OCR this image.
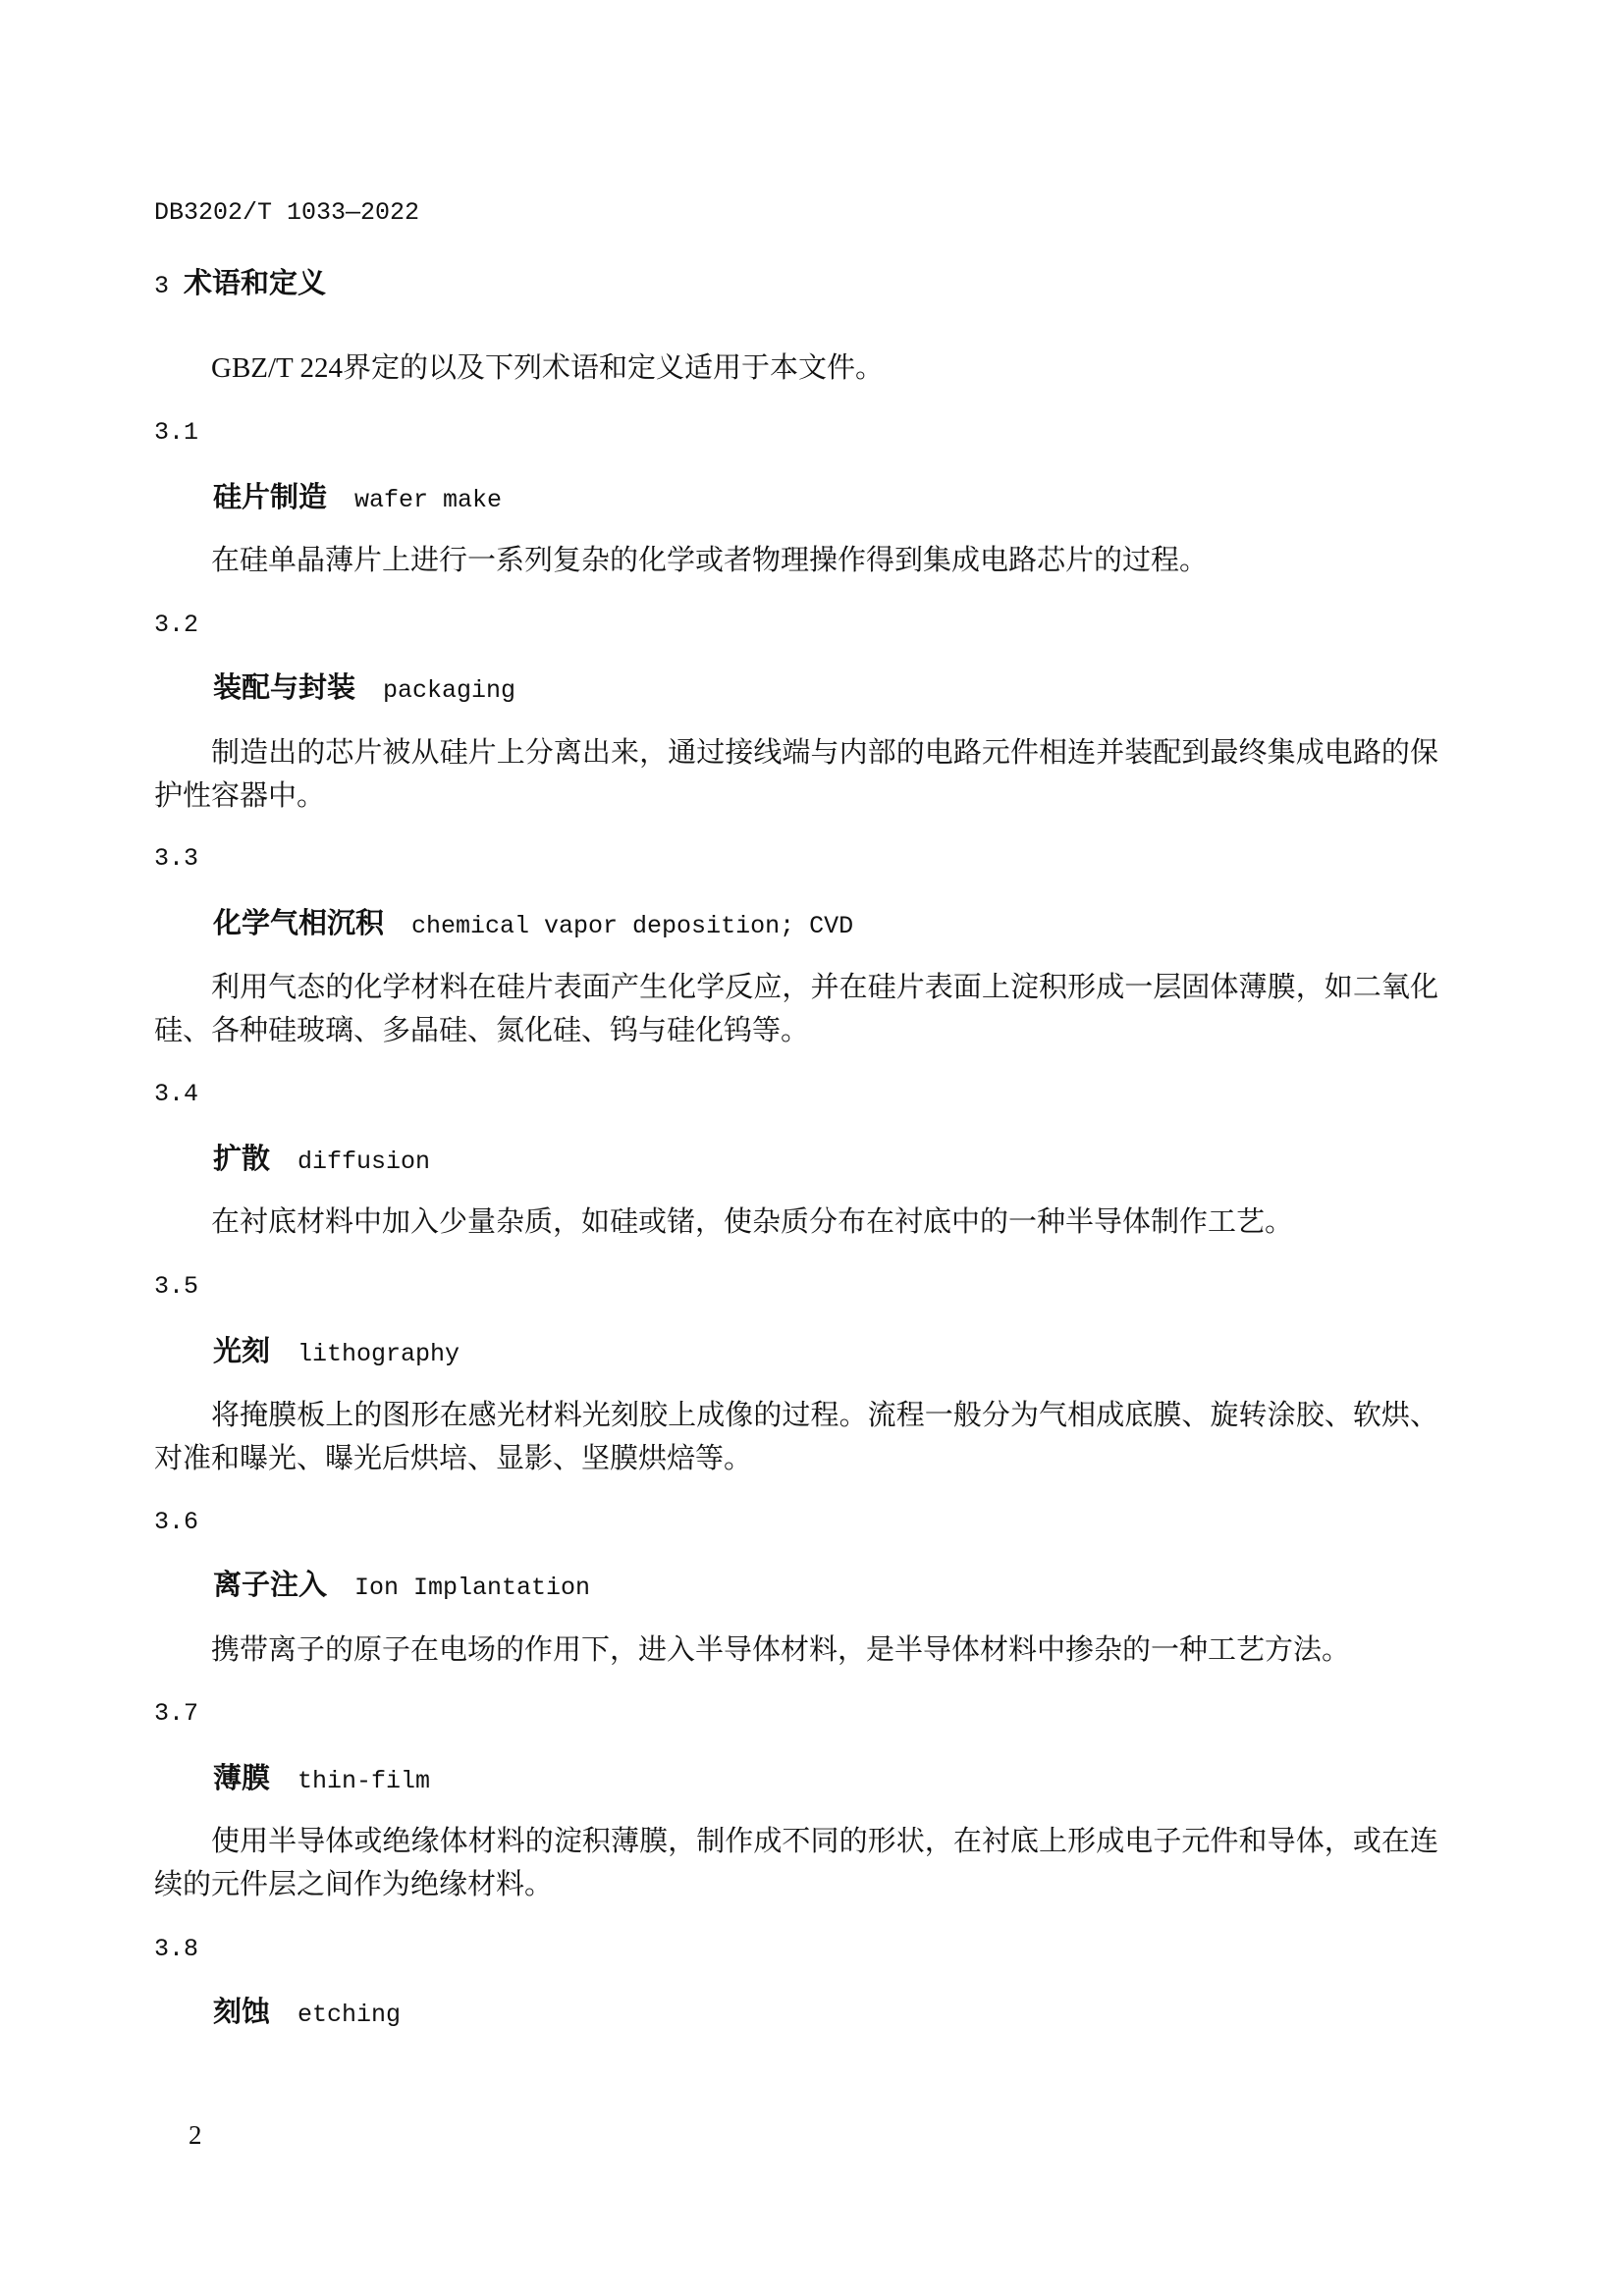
DB3202/T 1033—2022
3 术语和定义

GBZ/T 224界定的以及下列术语和定义适用于本文件。

3.1
硅片制造 wafer make

在硅单晶薄片上进行一系列复杂的化学或者物理操作得到集成电路芯片的过程。

3.2
装配与封装 packaging

制造出的芯片被从硅片上分离出来，通过接线端与内部的电路元件相连并装配到最终集成电路的保护性容器中。

3.3
化学气相沉积 chemical vapor deposition; CVD

利用气态的化学材料在硅片表面产生化学反应，并在硅片表面上淀积形成一层固体薄膜，如二氧化硅、各种硅玻璃、多晶硅、氮化硅、钨与硅化钨等。

3.4
扩散 diffusion

在衬底材料中加入少量杂质，如硅或锗，使杂质分布在衬底中的一种半导体制作工艺。

3.5
光刻 lithography

将掩膜板上的图形在感光材料光刻胶上成像的过程。流程一般分为气相成底膜、旋转涂胶、软烘、对准和曝光、曝光后烘培、显影、坚膜烘焙等。

3.6
离子注入 Ion Implantation

携带离子的原子在电场的作用下，进入半导体材料，是半导体材料中掺杂的一种工艺方法。

3.7
薄膜 thin-film

使用半导体或绝缘体材料的淀积薄膜，制作成不同的形状，在衬底上形成电子元件和导体，或在连续的元件层之间作为绝缘材料。

3.8
刻蚀 etching
2
